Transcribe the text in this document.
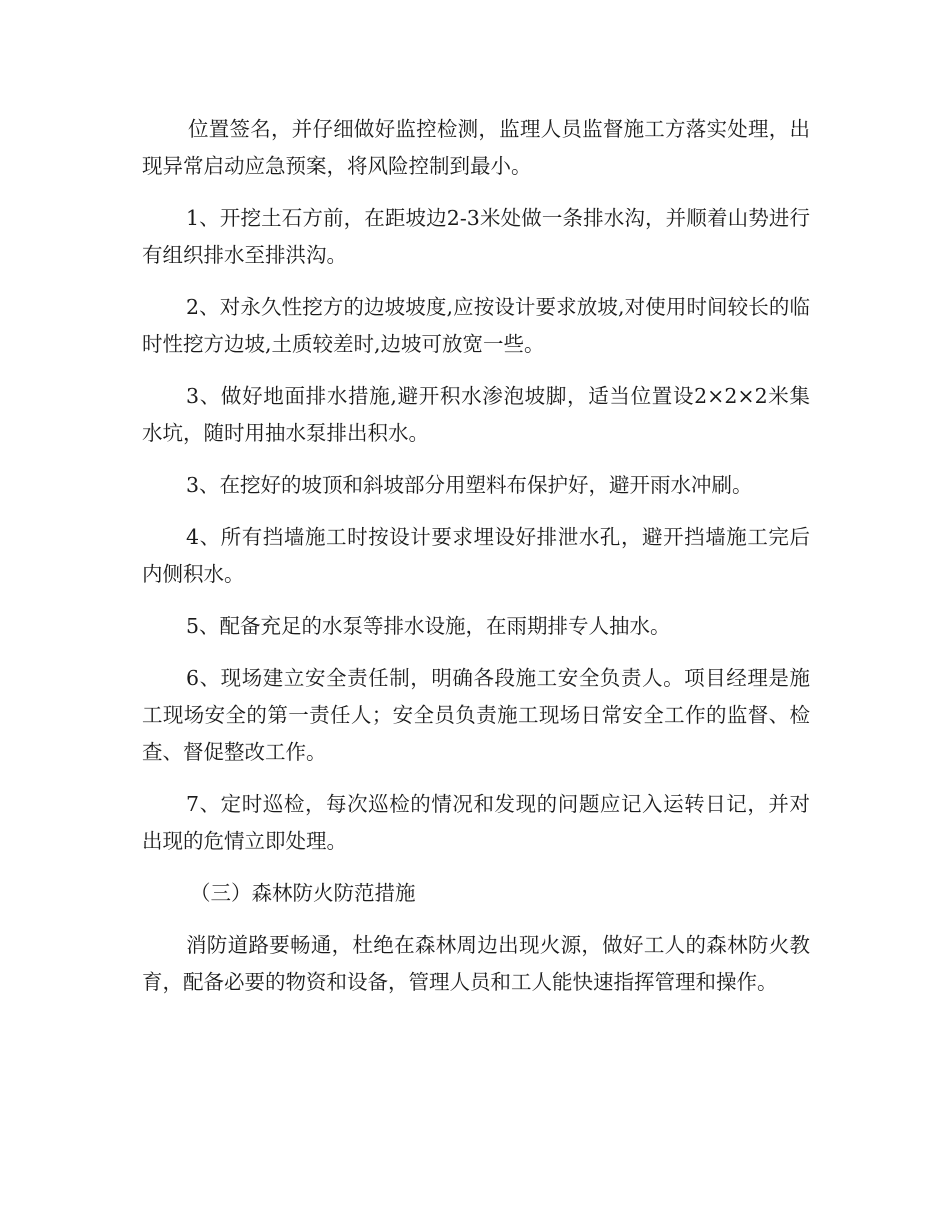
位置签名，并仔细做好监控检测，监理人员监督施工方落实处理，出现异常启动应急预案，将风险控制到最小。

1、开挖土石方前，在距坡边2-3米处做一条排水沟，并顺着山势进行有组织排水至排洪沟。

2、对永久性挖方的边坡坡度,应按设计要求放坡,对使用时间较长的临时性挖方边坡,土质较差时,边坡可放宽一些。

3、做好地面排水措施,避开积水渗泡坡脚，适当位置设2×2×2米集水坑，随时用抽水泵排出积水。

3、在挖好的坡顶和斜坡部分用塑料布保护好，避开雨水冲刷。

4、所有挡墙施工时按设计要求埋设好排泄水孔，避开挡墙施工完后内侧积水。

5、配备充足的水泵等排水设施，在雨期排专人抽水。

6、现场建立安全责任制，明确各段施工安全负责人。项目经理是施工现场安全的第一责任人；安全员负责施工现场日常安全工作的监督、检查、督促整改工作。

7、定时巡检，每次巡检的情况和发现的问题应记入运转日记，并对出现的危情立即处理。

（三）森林防火防范措施

消防道路要畅通，杜绝在森林周边出现火源，做好工人的森林防火教育，配备必要的物资和设备，管理人员和工人能快速指挥管理和操作。
